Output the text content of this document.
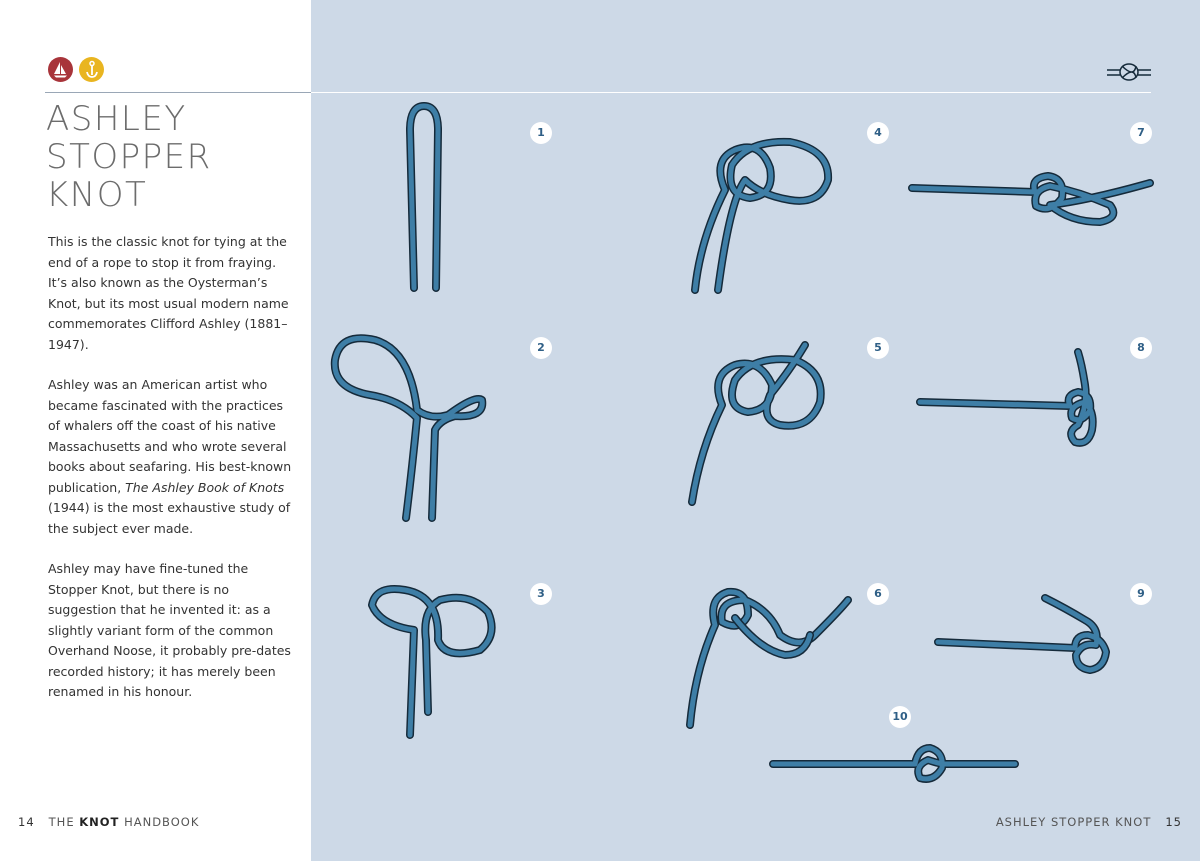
ASHLEY
STOPPER
KNOT

This is the classic knot for tying at the end of a rope to stop it from fraying. It’s also known as the Oysterman’s Knot, but its most usual modern name commemorates Clifford Ashley (1881–1947).

Ashley was an American artist who became fascinated with the practices of whalers off the coast of his native Massachusetts and who wrote several books about seafaring. His best-known publication, The Ashley Book of Knots (1944) is the most exhaustive study of the subject ever made.

Ashley may have fine-tuned the Stopper Knot, but there is no suggestion that he invented it: as a slightly variant form of the common Overhand Noose, it probably pre-dates recorded history; it has merely been renamed in his honour.

14 THE KNOT HANDBOOK	ASHLEY STOPPER KNOT 15
1
2
3
4
5
6
7
8
9
10
